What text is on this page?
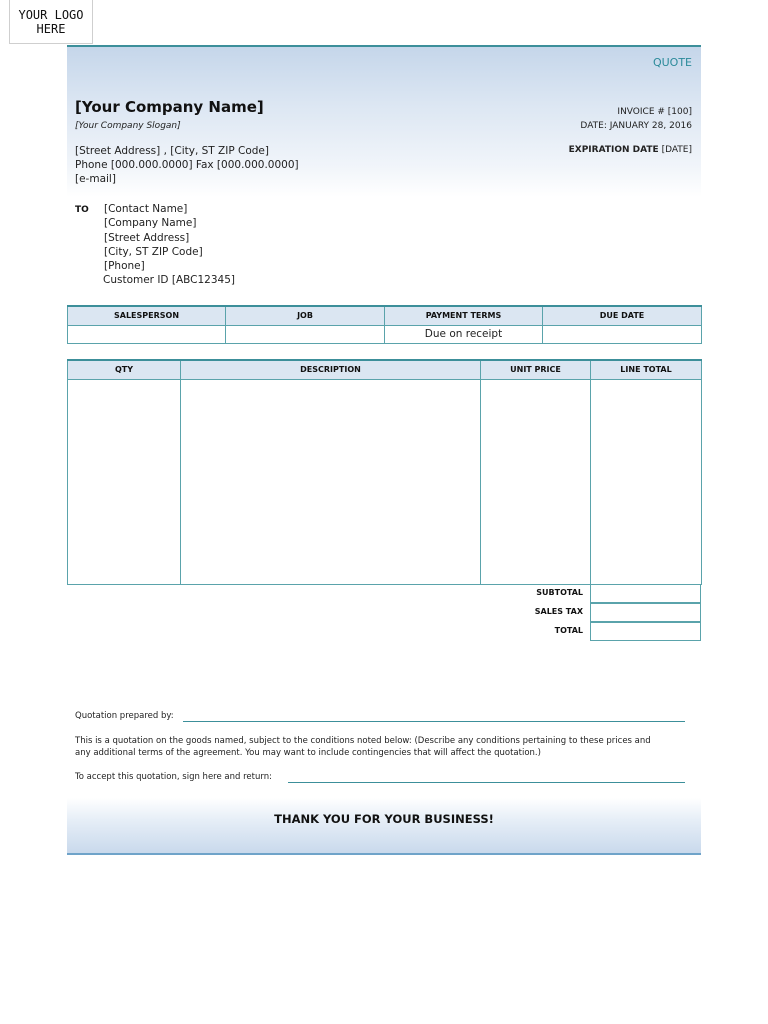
YOUR LOGO
HERE
QUOTE
[Your Company Name]
[Your Company Slogan]
[Street Address] , [City, ST ZIP Code]
Phone [000.000.0000] Fax [000.000.0000]
[e-mail]
INVOICE # [100]
DATE: JANUARY 28, 2016
EXPIRATION DATE [DATE]
TO [Contact Name]
[Company Name]
[Street Address]
[City, ST ZIP Code]
[Phone]
Customer ID [ABC12345]
SALESPERSON	JOB	PAYMENT TERMS	DUE DATE
		Due on receipt	
QTY	DESCRIPTION	UNIT PRICE	LINE TOTAL

SUBTOTAL
SALES TAX
TOTAL
Quotation prepared by:
This is a quotation on the goods named, subject to the conditions noted below: (Describe any conditions pertaining to these prices and
any additional terms of the agreement. You may want to include contingencies that will affect the quotation.)
To accept this quotation, sign here and return:
THANK YOU FOR YOUR BUSINESS!
